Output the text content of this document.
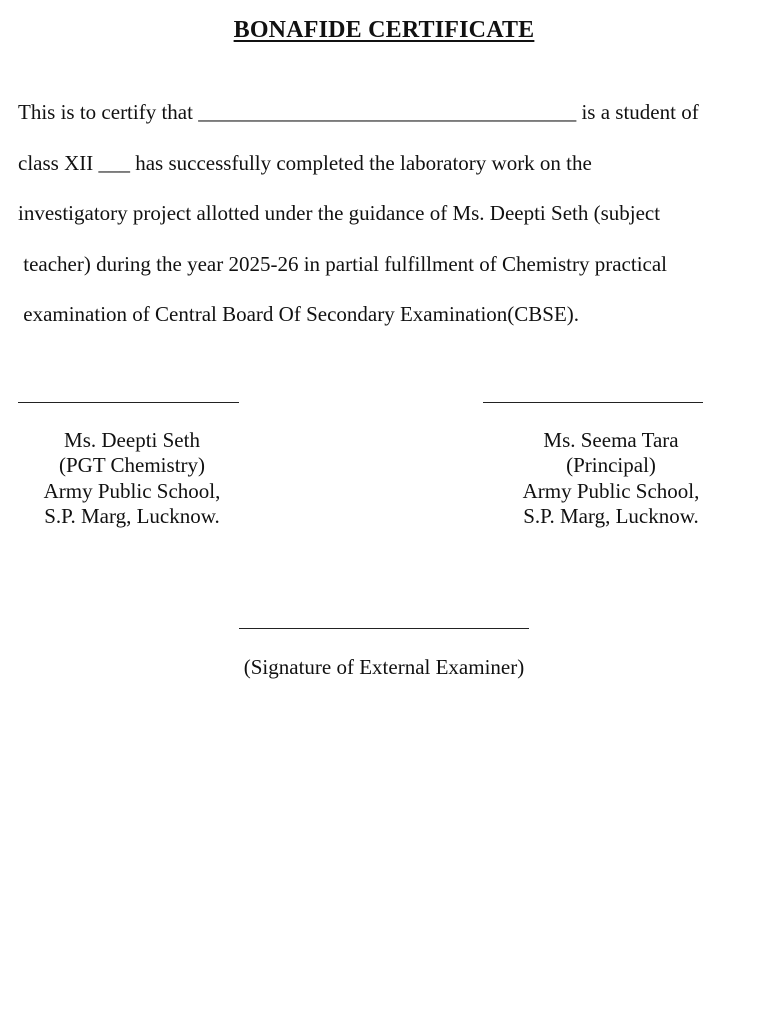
BONAFIDE CERTIFICATE
This is to certify that ____________________________________ is a student of
class XII ___ has successfully completed the laboratory work on the
investigatory project allotted under the guidance of Ms. Deepti Seth (subject
teacher) during the year 2025-26 in partial fulfillment of Chemistry practical
examination of Central Board Of Secondary Examination(CBSE).
Ms. Deepti Seth
(PGT Chemistry)
Army Public School,
S.P. Marg, Lucknow.
Ms. Seema Tara
(Principal)
Army Public School,
S.P. Marg, Lucknow.
(Signature of External Examiner)
